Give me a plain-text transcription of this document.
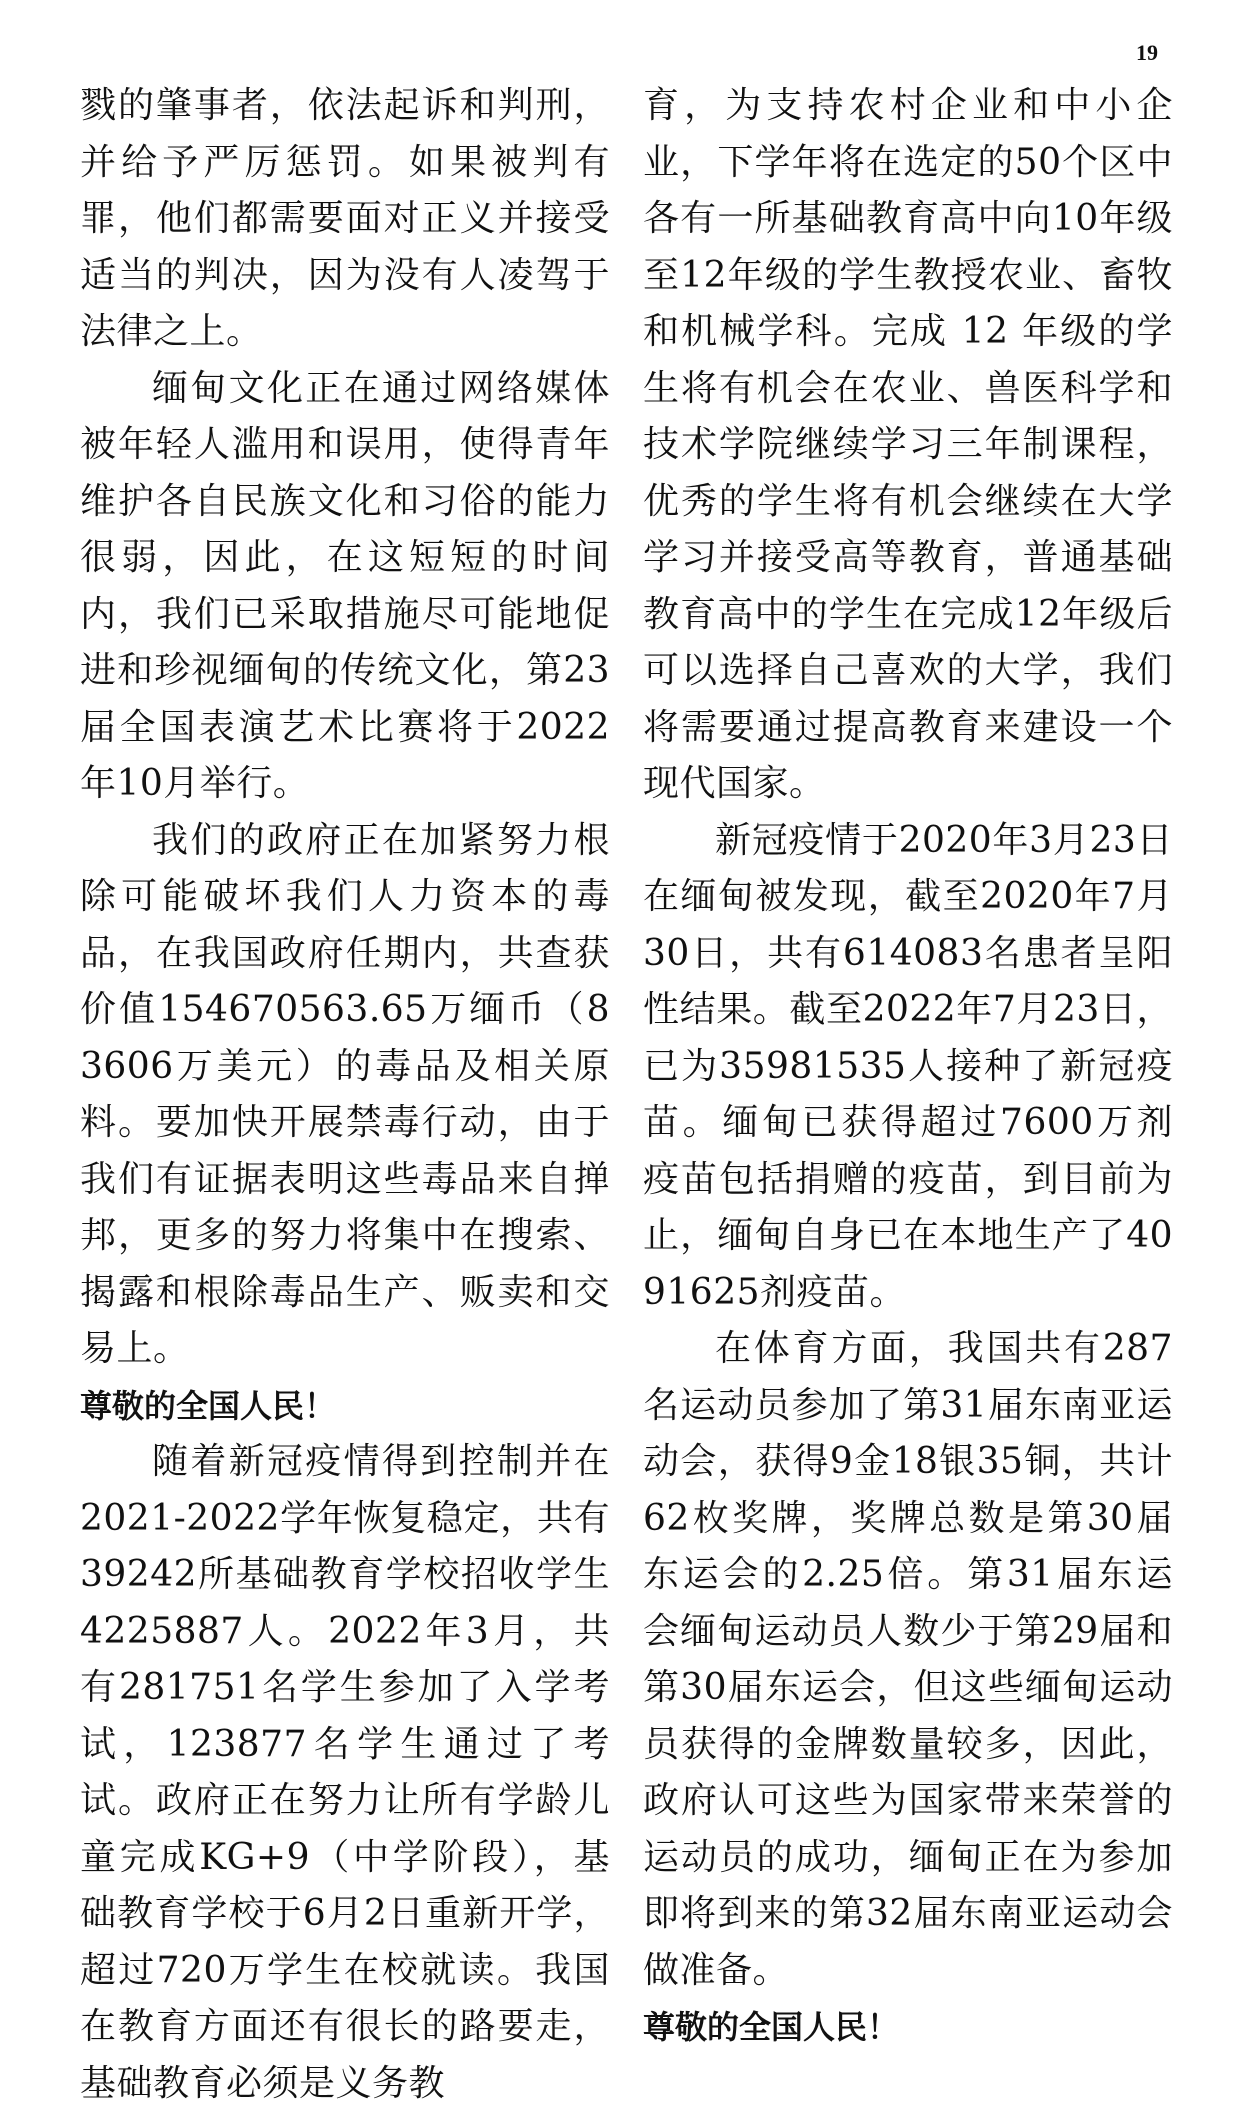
19

戮的肇事者，依法起诉和判刑，并给予严厉惩罚。如果被判有罪，他们都需要面对正义并接受适当的判决，因为没有人凌驾于法律之上。

缅甸文化正在通过网络媒体被年轻人滥用和误用，使得青年维护各自民族文化和习俗的能力很弱，因此，在这短短的时间内，我们已采取措施尽可能地促进和珍视缅甸的传统文化，第23届全国表演艺术比赛将于2022年10月举行。

我们的政府正在加紧努力根除可能破坏我们人力资本的毒品，在我国政府任期内，共查获价值154670563.65万缅币（83606万美元）的毒品及相关原料。要加快开展禁毒行动，由于我们有证据表明这些毒品来自掸邦，更多的努力将集中在搜索、揭露和根除毒品生产、贩卖和交易上。

尊敬的全国人民！

随着新冠疫情得到控制并在2021-2022学年恢复稳定，共有39242所基础教育学校招收学生4225887人。2022年3月，共有281751名学生参加了入学考试，123877名学生通过了考试。政府正在努力让所有学龄儿童完成KG+9（中学阶段），基础教育学校于6月2日重新开学，超过720万学生在校就读。我国在教育方面还有很长的路要走，基础教育必须是义务教

育，为支持农村企业和中小企业，下学年将在选定的50个区中各有一所基础教育高中向10年级至12年级的学生教授农业、畜牧和机械学科。完成 12 年级的学生将有机会在农业、兽医科学和技术学院继续学习三年制课程，优秀的学生将有机会继续在大学学习并接受高等教育，普通基础教育高中的学生在完成12年级后可以选择自己喜欢的大学，我们将需要通过提高教育来建设一个现代国家。

新冠疫情于2020年3月23日在缅甸被发现，截至2020年7月30日，共有614083名患者呈阳性结果。截至2022年7月23日，已为35981535人接种了新冠疫苗。缅甸已获得超过7600万剂疫苗包括捐赠的疫苗，到目前为止，缅甸自身已在本地生产了4091625剂疫苗。

在体育方面，我国共有287名运动员参加了第31届东南亚运动会，获得9金18银35铜，共计62枚奖牌，奖牌总数是第30届东运会的2.25倍。第31届东运会缅甸运动员人数少于第29届和第30届东运会，但这些缅甸运动员获得的金牌数量较多，因此，政府认可这些为国家带来荣誉的运动员的成功，缅甸正在为参加即将到来的第32届东南亚运动会做准备。

尊敬的全国人民！
